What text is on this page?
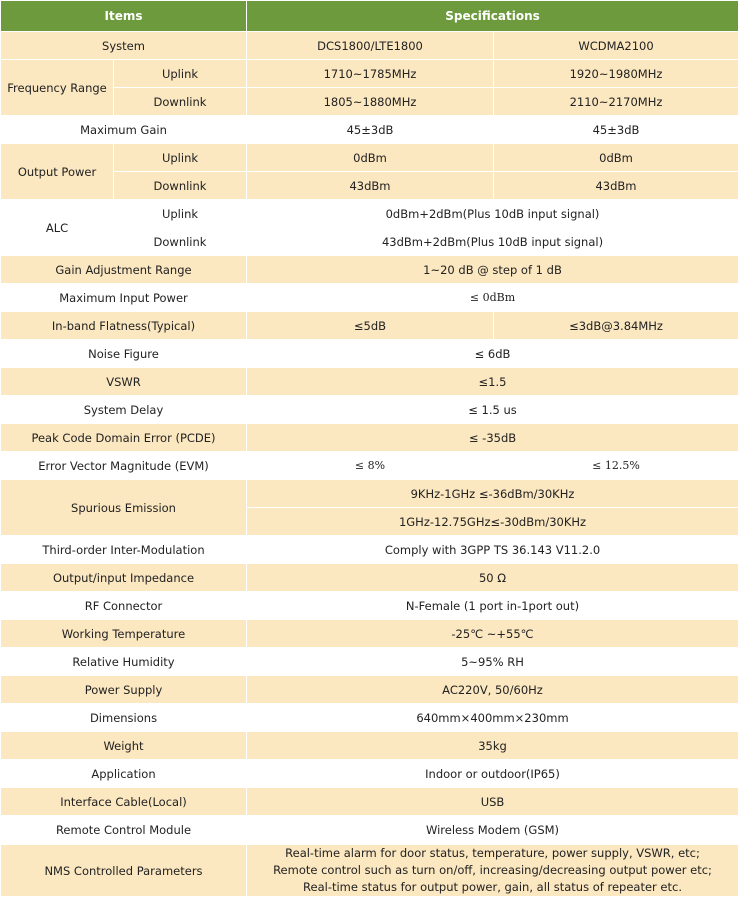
Items		Specifications	
System		DCS1800/LTE1800	WCDMA2100
Frequency Range	Uplink	1710~1785MHz	1920~1980MHz
	Downlink	1805~1880MHz	2110~2170MHz
Maximum Gain		45±3dB	45±3dB
Output Power	Uplink	0dBm	0dBm
	Downlink	43dBm	43dBm
ALC	Uplink	0dBm+2dBm(Plus 10dB input signal)	
	Downlink	43dBm+2dBm(Plus 10dB input signal)	
Gain Adjustment Range		1~20 dB @ step of 1 dB	
Maximum Input Power		≤ 0dBm	
In-band Flatness(Typical)		≤5dB	≤3dB@3.84MHz
Noise Figure		≤ 6dB	
VSWR		≤1.5	
System Delay		≤ 1.5 us	
Peak Code Domain Error (PCDE)		≤ -35dB	
Error Vector Magnitude (EVM)		≤ 8%	≤ 12.5%
Spurious Emission		9KHz-1GHz ≤-36dBm/30KHz	
		1GHz-12.75GHz≤-30dBm/30KHz	
Third-order Inter-Modulation		Comply with 3GPP TS 36.143 V11.2.0	
Output/input Impedance		50 Ω	
RF Connector		N-Female (1 port in-1port out)	
Working Temperature		-25℃ ~+55℃	
Relative Humidity		5~95% RH	
Power Supply		AC220V, 50/60Hz	
Dimensions		640mm×400mm×230mm	
Weight		35kg	
Application		Indoor or outdoor(IP65)	
Interface Cable(Local)		USB	
Remote Control Module		Wireless Modem (GSM)	
NMS Controlled Parameters		Real-time alarm for door status, temperature, power supply, VSWR, etc;
Remote control such as turn on/off, increasing/decreasing output power etc;
Real-time status for output power, gain, all status of repeater etc.	
